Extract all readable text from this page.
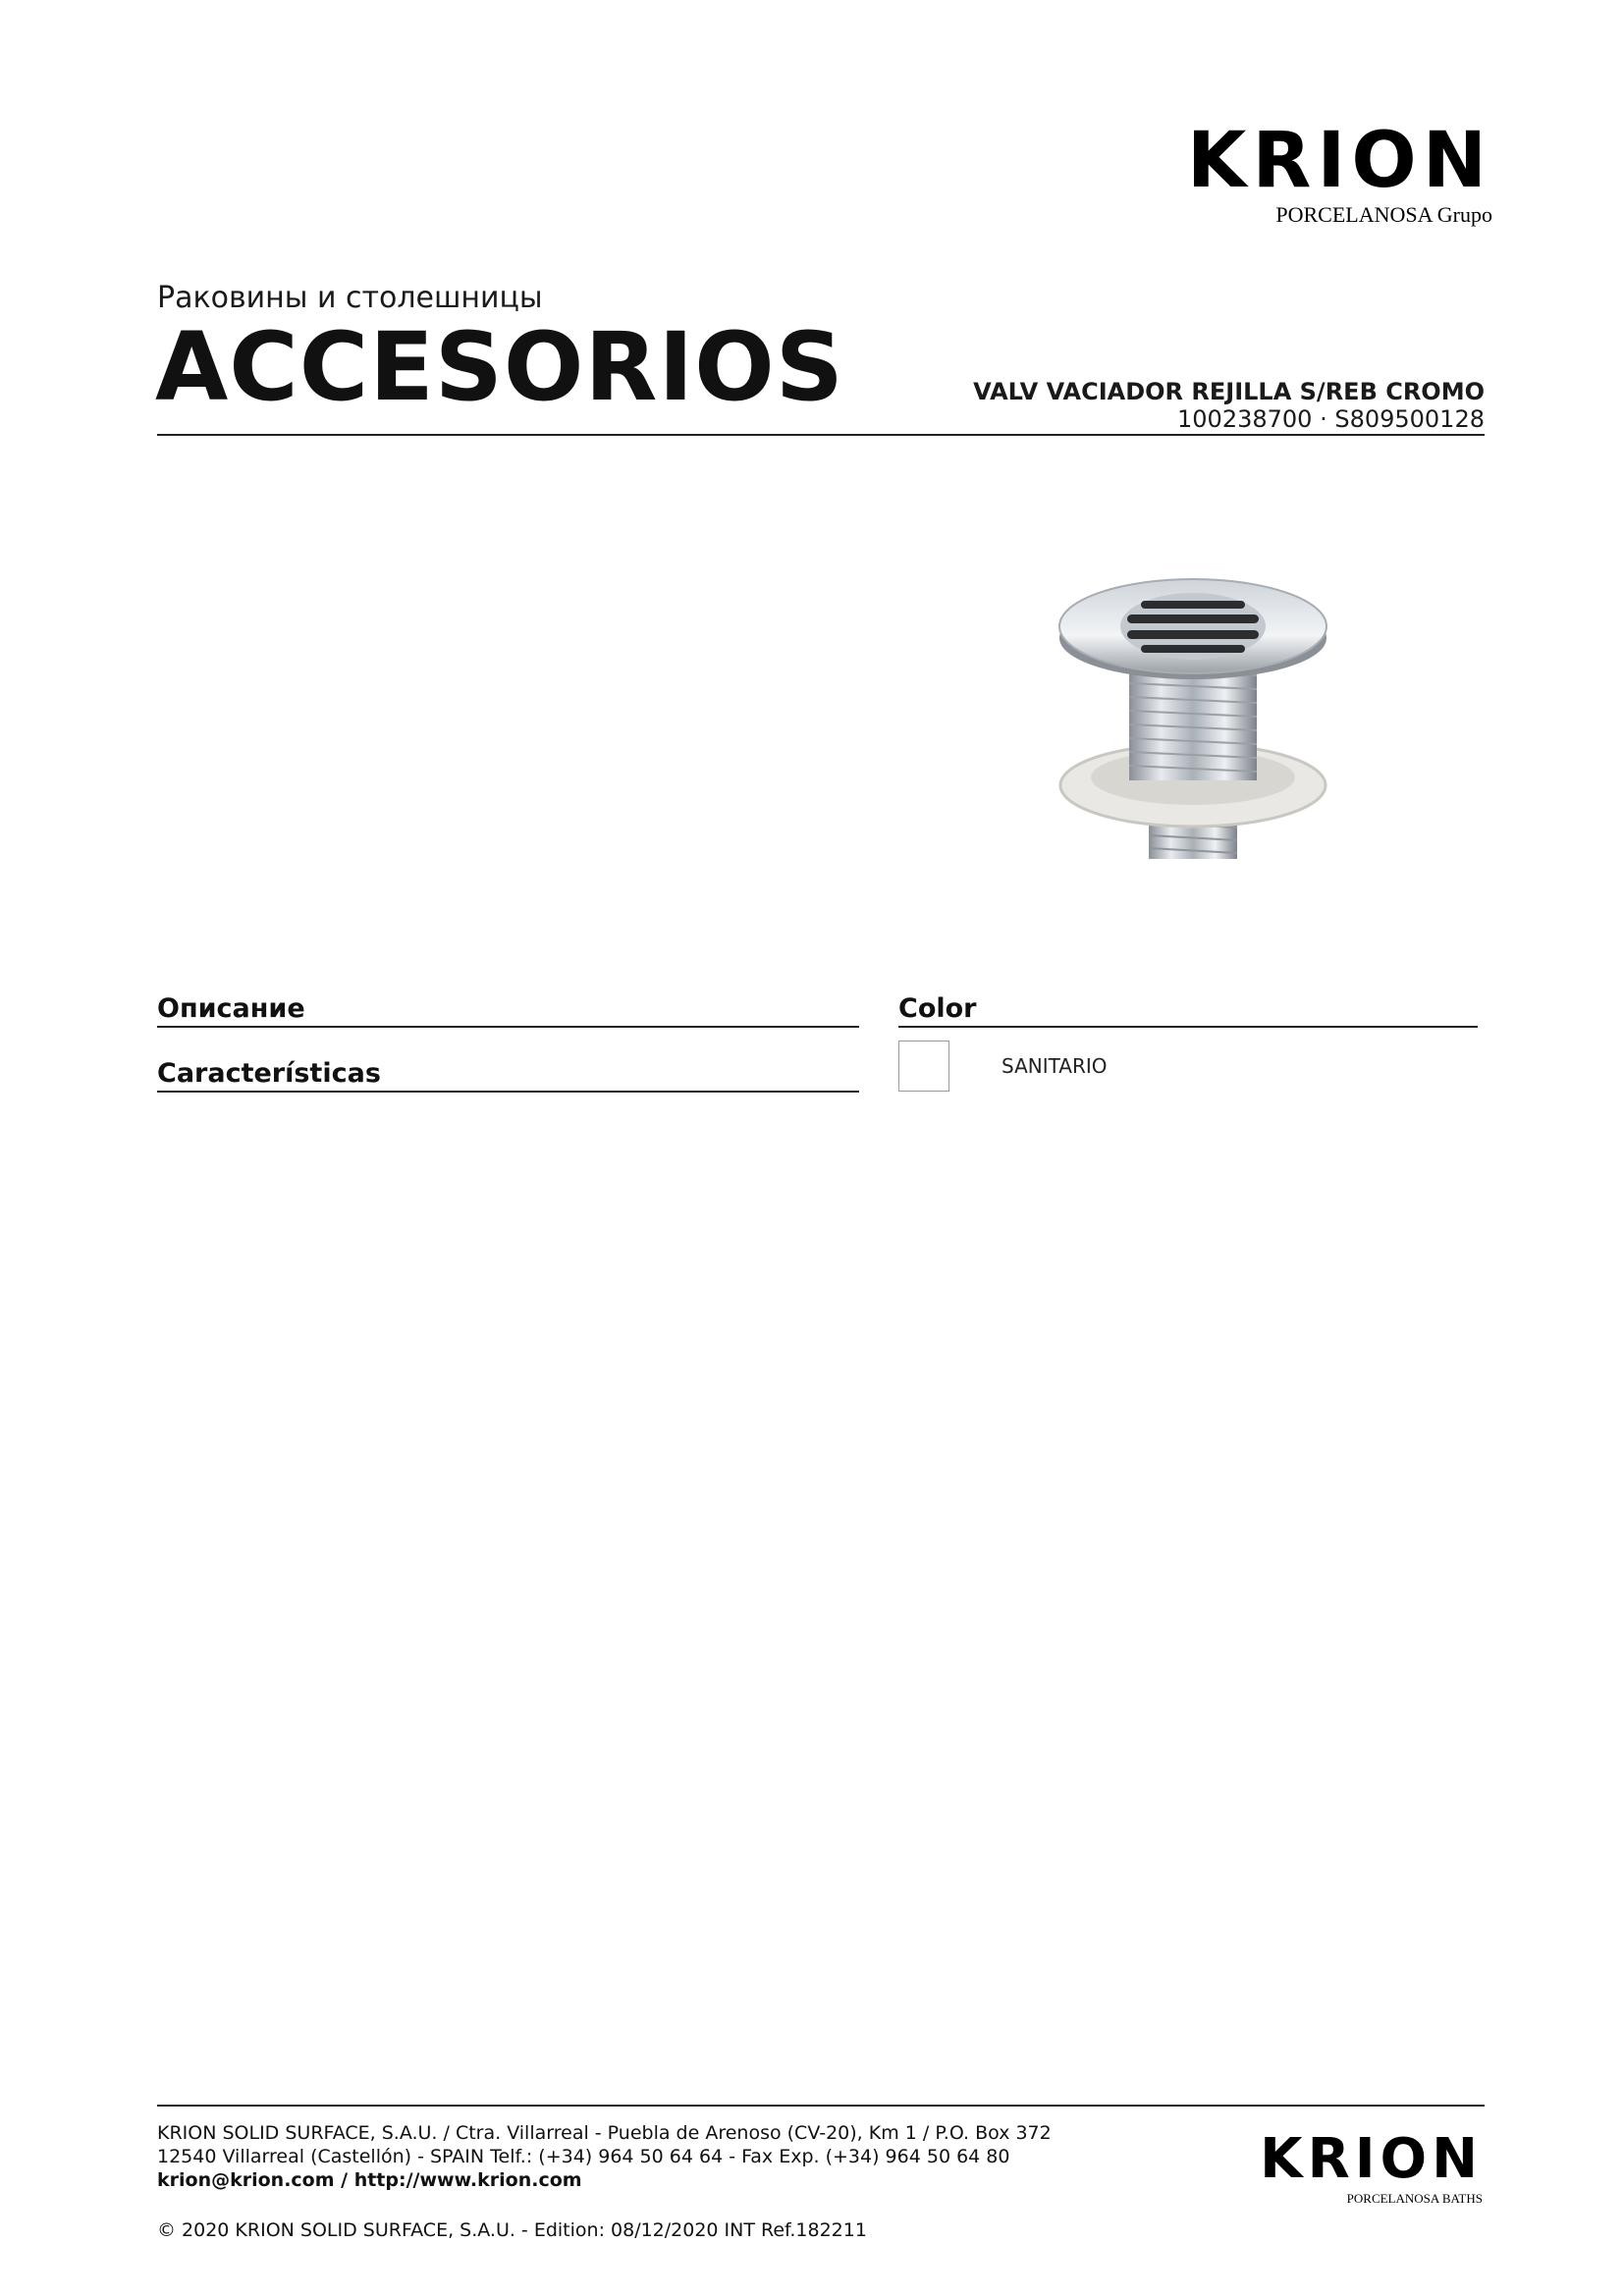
KRION
PORCELANOSA Grupo
Раковины и столешницы
ACCESORIOS	VALV VACIADOR REJILLA S/REB CROMO
100238700 · S809500128
Описание
Características
Color
SANITARIO
KRION SOLID SURFACE, S.A.U. / Ctra. Villarreal - Puebla de Arenoso (CV-20), Km 1 / P.O. Box 372
12540 Villarreal (Castellón) - SPAIN Telf.: (+34) 964 50 64 64 - Fax Exp. (+34) 964 50 64 80
krion@krion.com / http://www.krion.com
© 2020 KRION SOLID SURFACE, S.A.U. - Edition: 08/12/2020 INT Ref.182211
KRION
PORCELANOSA BATHS
